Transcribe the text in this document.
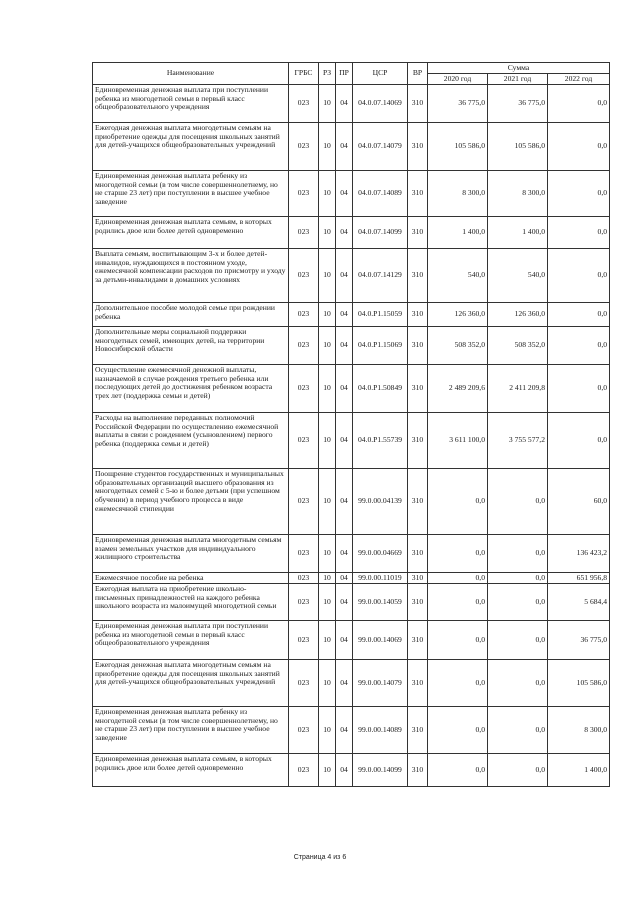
Наименование	ГРБС	РЗ	ПР	ЦСР	ВР	Сумма		
						2020 год	2021 год	2022 год
Единовременная денежная выплата при поступлении ребенка из многодетной семьи в первый класс общеобразовательного учреждения	023	10	04	04.0.07.14069	310	36 775,0	36 775,0	0,0
Ежегодная денежная выплата многодетным семьям на приобретение одежды для посещения школьных занятий для детей-учащихся общеобразовательных учреждений	023	10	04	04.0.07.14079	310	105 586,0	105 586,0	0,0
Единовременная денежная выплата ребенку из многодетной семьи (в том числе совершеннолетнему, но не старше 23 лет) при поступлении в высшее учебное заведение	023	10	04	04.0.07.14089	310	8 300,0	8 300,0	0,0
Единовременная денежная выплата семьям, в которых родились двое или более детей одновременно	023	10	04	04.0.07.14099	310	1 400,0	1 400,0	0,0
Выплата семьям, воспитывающим 3-х и более детей-инвалидов, нуждающихся в постоянном уходе, ежемесячной компенсации расходов по присмотру и уходу за детьми-инвалидами в домашних условиях	023	10	04	04.0.07.14129	310	540,0	540,0	0,0
Дополнительное пособие молодой семье при рождении ребенка	023	10	04	04.0.P1.15059	310	126 360,0	126 360,0	0,0
Дополнительные меры социальной поддержки многодетных семей, имеющих детей, на территории Новосибирской области	023	10	04	04.0.P1.15069	310	508 352,0	508 352,0	0,0
Осуществление ежемесячной денежной выплаты, назначаемой в случае рождения третьего ребенка или последующих детей до достижения ребенком возраста трех лет (поддержка семьи и детей)	023	10	04	04.0.P1.50849	310	2 489 209,6	2 411 209,8	0,0
Расходы на выполнение переданных полномочий Российской Федерации по осуществлению ежемесячной выплаты в связи с рождением (усыновлением) первого ребенка (поддержка семьи и детей)	023	10	04	04.0.P1.55739	310	3 611 100,0	3 755 577,2	0,0
Поощрение студентов государственных и муниципальных образовательных организаций высшего образования из многодетных семей с 5-ю и более детьми (при успешном обучении) в период учебного процесса в виде ежемесячной стипендии	023	10	04	99.0.00.04139	310	0,0	0,0	60,0
Единовременная денежная выплата многодетным семьям взамен земельных участков для индивидуального жилищного строительства	023	10	04	99.0.00.04669	310	0,0	0,0	136 423,2
Ежемесячное пособие на ребенка	023	10	04	99.0.00.11019	310	0,0	0,0	651 956,8
Ежегодная выплата на приобретение школьно-письменных принадлежностей на каждого ребенка школьного возраста из малоимущей многодетной семьи	023	10	04	99.0.00.14059	310	0,0	0,0	5 684,4
Единовременная денежная выплата при поступлении ребенка из многодетной семьи в первый класс общеобразовательного учреждения	023	10	04	99.0.00.14069	310	0,0	0,0	36 775,0
Ежегодная денежная выплата многодетным семьям на приобретение одежды для посещения школьных занятий для детей-учащихся общеобразовательных учреждений	023	10	04	99.0.00.14079	310	0,0	0,0	105 586,0
Единовременная денежная выплата ребенку из многодетной семьи (в том числе совершеннолетнему, но не старше 23 лет) при поступлении в высшее учебное заведение	023	10	04	99.0.00.14089	310	0,0	0,0	8 300,0
Единовременная денежная выплата семьям, в которых родились двое или более детей одновременно	023	10	04	99.0.00.14099	310	0,0	0,0	1 400,0
Страница 4 из 6
